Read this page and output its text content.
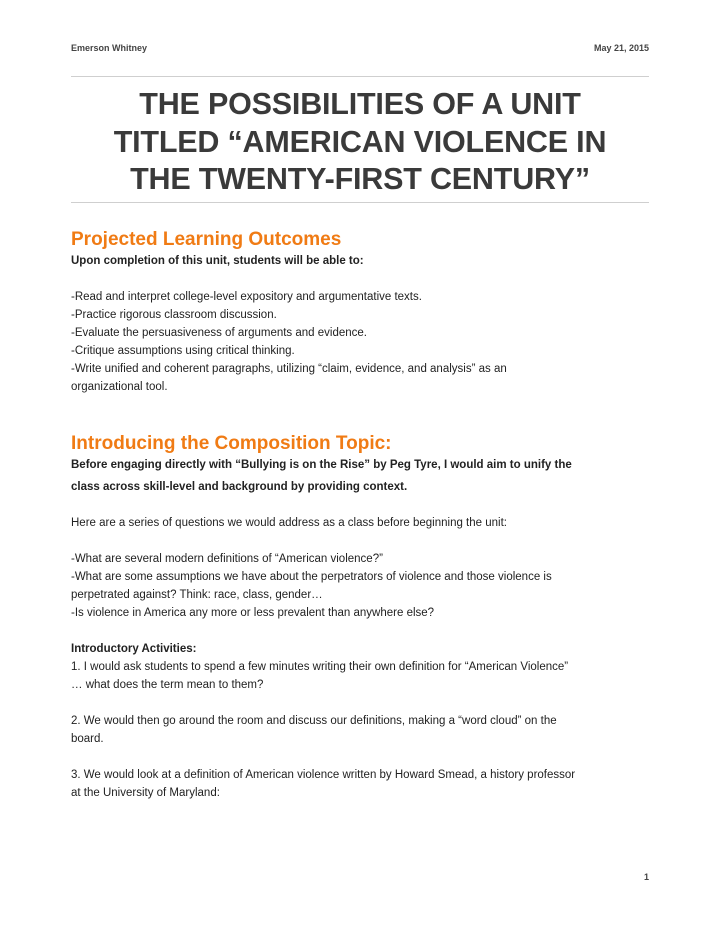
Emerson Whitney	May 21, 2015
THE POSSIBILITIES OF A UNIT
TITLED “AMERICAN VIOLENCE IN
THE TWENTY-FIRST CENTURY”
Projected Learning Outcomes

Upon completion of this unit, students will be able to:

-Read and interpret college-level expository and argumentative texts.

-Practice rigorous classroom discussion.

-Evaluate the persuasiveness of arguments and evidence.

-Critique assumptions using critical thinking.

-Write unified and coherent paragraphs, utilizing “claim, evidence, and analysis” as an

organizational tool.

Introducing the Composition Topic:

Before engaging directly with “Bullying is on the Rise” by Peg Tyre, I would aim to unify the

class across skill-level and background by providing context.

Here are a series of questions we would address as a class before beginning the unit:

-What are several modern definitions of “American violence?”

-What are some assumptions we have about the perpetrators of violence and those violence is

perpetrated against? Think: race, class, gender…

-Is violence in America any more or less prevalent than anywhere else?

Introductory Activities:

1. I would ask students to spend a few minutes writing their own definition for “American Violence”

… what does the term mean to them?

2. We would then go around the room and discuss our definitions, making a “word cloud” on the

board.

3. We would look at a definition of American violence written by Howard Smead, a history professor

at the University of Maryland:

1
